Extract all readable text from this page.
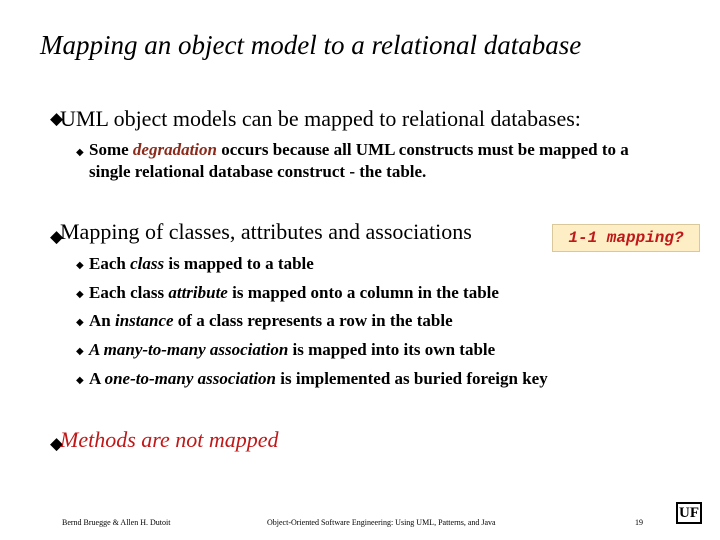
Mapping an object model to a relational database
◆
UML object models can be mapped to relational databases:
◆ Some degradation occurs because all UML constructs must be mapped to a single relational database construct - the table.
◆
Mapping of classes, attributes and associations	1-1 mapping?
◆ Each class is mapped to a table
◆ Each class attribute is mapped onto a column in the table
◆ An instance of a class represents a row in the table
◆ A many-to-many association is mapped into its own table
◆ A one-to-many association is implemented as buried foreign key
◆
Methods are not mapped
Bernd Bruegge & Allen H. Dutoit	Object-Oriented Software Engineering: Using UML, Patterns, and Java	19
UF
